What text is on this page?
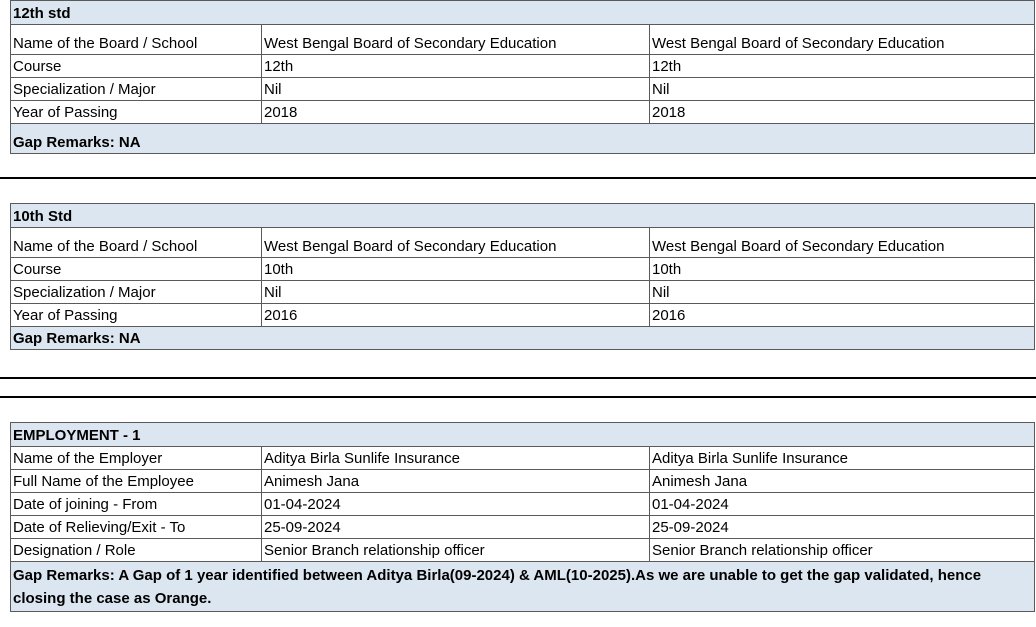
12th std		
Name of the Board / School	West Bengal Board of Secondary Education	West Bengal Board of Secondary Education
Course	12th	12th
Specialization / Major	Nil	Nil
Year of Passing	2018	2018
Gap Remarks: NA		
10th Std		
Name of the Board / School	West Bengal Board of Secondary Education	West Bengal Board of Secondary Education
Course	10th	10th
Specialization / Major	Nil	Nil
Year of Passing	2016	2016
Gap Remarks: NA		
EMPLOYMENT - 1		
Name of the Employer	Aditya Birla Sunlife Insurance	Aditya Birla Sunlife Insurance
Full Name of the Employee	Animesh Jana	Animesh Jana
Date of joining - From	01-04-2024	01-04-2024
Date of Relieving/Exit - To	25-09-2024	25-09-2024
Designation / Role	Senior Branch relationship officer	Senior Branch relationship officer
Gap Remarks: A Gap of 1 year identified between Aditya Birla(09-2024) & AML(10-2025).As we are unable to get the gap validated, hence closing the case as Orange.		
